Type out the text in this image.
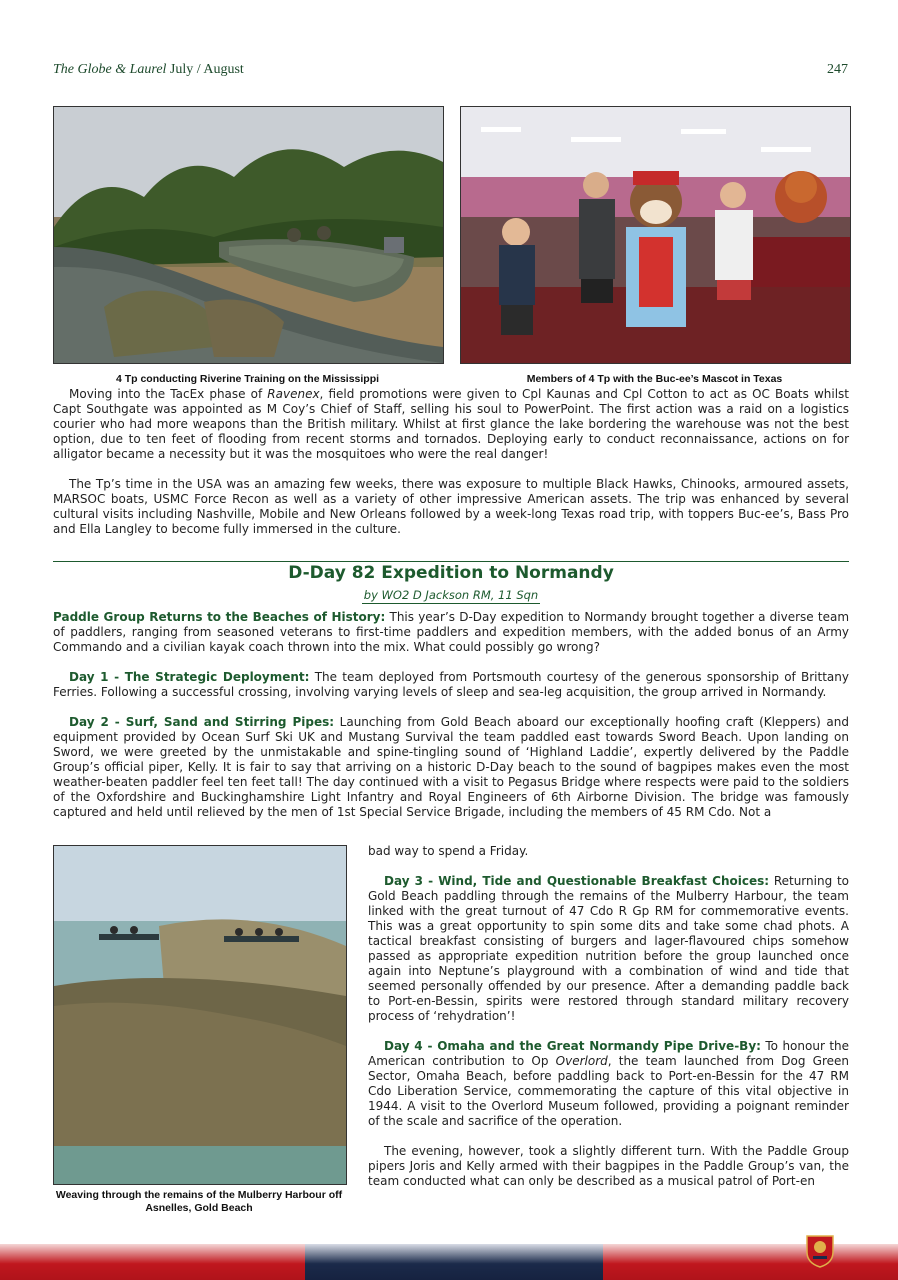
The Globe & Laurel July / August	247
4 Tp conducting Riverine Training on the Mississippi	Members of 4 Tp with the Buc-ee’s Mascot in Texas

Moving into the TacEx phase of Ravenex, field promotions were given to Cpl Kaunas and Cpl Cotton to act as OC Boats whilst Capt Southgate was appointed as M Coy’s Chief of Staff, selling his soul to PowerPoint. The first action was a raid on a logistics courier who had more weapons than the British military. Whilst at first glance the lake bordering the warehouse was not the best option, due to ten feet of flooding from recent storms and tornados. Deploying early to conduct reconnaissance, actions on for alligator became a necessity but it was the mosquitoes who were the real danger!

The Tp’s time in the USA was an amazing few weeks, there was exposure to multiple Black Hawks, Chinooks, armoured assets, MARSOC boats, USMC Force Recon as well as a variety of other impressive American assets. The trip was enhanced by several cultural visits including Nashville, Mobile and New Orleans followed by a week-long Texas road trip, with toppers Buc-ee’s, Bass Pro and Ella Langley to become fully immersed in the culture.

D-Day 82 Expedition to Normandy
by WO2 D Jackson RM, 11 Sqn

Paddle Group Returns to the Beaches of History: This year’s D-Day expedition to Normandy brought together a diverse team of paddlers, ranging from seasoned veterans to first-time paddlers and expedition members, with the added bonus of an Army Commando and a civilian kayak coach thrown into the mix. What could possibly go wrong?

Day 1 - The Strategic Deployment: The team deployed from Portsmouth courtesy of the generous sponsorship of Brittany Ferries. Following a successful crossing, involving varying levels of sleep and sea-leg acquisition, the group arrived in Normandy.

Day 2 - Surf, Sand and Stirring Pipes: Launching from Gold Beach aboard our exceptionally hoofing craft (Kleppers) and equipment provided by Ocean Surf Ski UK and Mustang Survival the team paddled east towards Sword Beach. Upon landing on Sword, we were greeted by the unmistakable and spine-tingling sound of ‘Highland Laddie’, expertly delivered by the Paddle Group’s official piper, Kelly. It is fair to say that arriving on a historic D-Day beach to the sound of bagpipes makes even the most weather-beaten paddler feel ten feet tall! The day continued with a visit to Pegasus Bridge where respects were paid to the soldiers of the Oxfordshire and Buckinghamshire Light Infantry and Royal Engineers of 6th Airborne Division. The bridge was famously captured and held until relieved by the men of 1st Special Service Brigade, including the members of 45 RM Cdo. Not a

Weaving through the remains of the Mulberry Harbour off Asnelles, Gold Beach

bad way to spend a Friday.

Day 3 - Wind, Tide and Questionable Breakfast Choices: Returning to Gold Beach paddling through the remains of the Mulberry Harbour, the team linked with the great turnout of 47 Cdo R Gp RM for commemorative events. This was a great opportunity to spin some dits and take some chad phots. A tactical breakfast consisting of burgers and lager-flavoured chips somehow passed as appropriate expedition nutrition before the group launched once again into Neptune’s playground with a combination of wind and tide that seemed personally offended by our presence. After a demanding paddle back to Port-en-Bessin, spirits were restored through standard military recovery process of ‘rehydration’!

Day 4 - Omaha and the Great Normandy Pipe Drive-By: To honour the American contribution to Op Overlord, the team launched from Dog Green Sector, Omaha Beach, before paddling back to Port-en-Bessin for the 47 RM Cdo Liberation Service, commemorating the capture of this vital objective in 1944. A visit to the Overlord Museum followed, providing a poignant reminder of the scale and sacrifice of the operation.

The evening, however, took a slightly different turn. With the Paddle Group pipers Joris and Kelly armed with their bagpipes in the Paddle Group’s van, the team conducted what can only be described as a musical patrol of Port-en
